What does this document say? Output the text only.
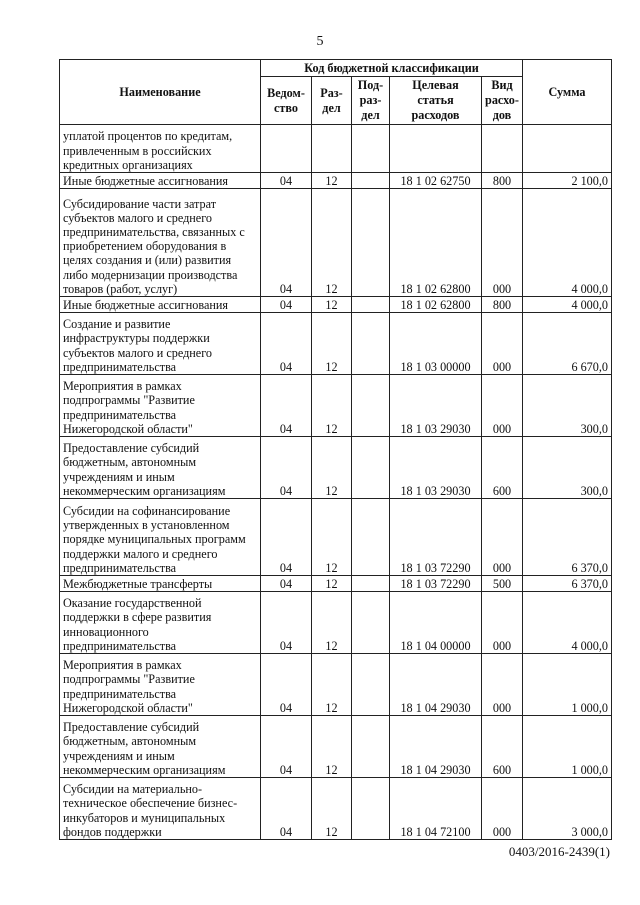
5
Наименование	Код бюджетной классификации					Сумма
	Ведом-ство	Раз-дел	Под-раз-дел	Целевая статья расходов	Вид расхо-дов	
уплатой процентов по кредитам, привлеченным в российских кредитных организациях						
Иные бюджетные ассигнования	04	12		18 1 02 62750	800	2 100,0
Субсидирование части затрат субъектов малого и среднего предпринимательства, связанных с приобретением оборудования в целях создания и (или) развития либо модернизации производства товаров (работ, услуг)	04	12		18 1 02 62800	000	4 000,0
Иные бюджетные ассигнования	04	12		18 1 02 62800	800	4 000,0
Создание и развитие инфраструктуры поддержки субъектов малого и среднего предпринимательства	04	12		18 1 03 00000	000	6 670,0
Мероприятия в рамках подпрограммы "Развитие предпринимательства Нижегородской области"	04	12		18 1 03 29030	000	300,0
Предоставление субсидий бюджетным, автономным учреждениям и иным некоммерческим организациям	04	12		18 1 03 29030	600	300,0
Субсидии на софинансирование утвержденных в установленном порядке муниципальных программ поддержки малого и среднего предпринимательства	04	12		18 1 03 72290	000	6 370,0
Межбюджетные трансферты	04	12		18 1 03 72290	500	6 370,0
Оказание государственной поддержки в сфере развития инновационного предпринимательства	04	12		18 1 04 00000	000	4 000,0
Мероприятия в рамках подпрограммы "Развитие предпринимательства Нижегородской области"	04	12		18 1 04 29030	000	1 000,0
Предоставление субсидий бюджетным, автономным учреждениям и иным некоммерческим организациям	04	12		18 1 04 29030	600	1 000,0
Субсидии на материально-техническое обеспечение бизнес-инкубаторов и муниципальных фондов поддержки	04	12		18 1 04 72100	000	3 000,0
0403/2016-2439(1)
